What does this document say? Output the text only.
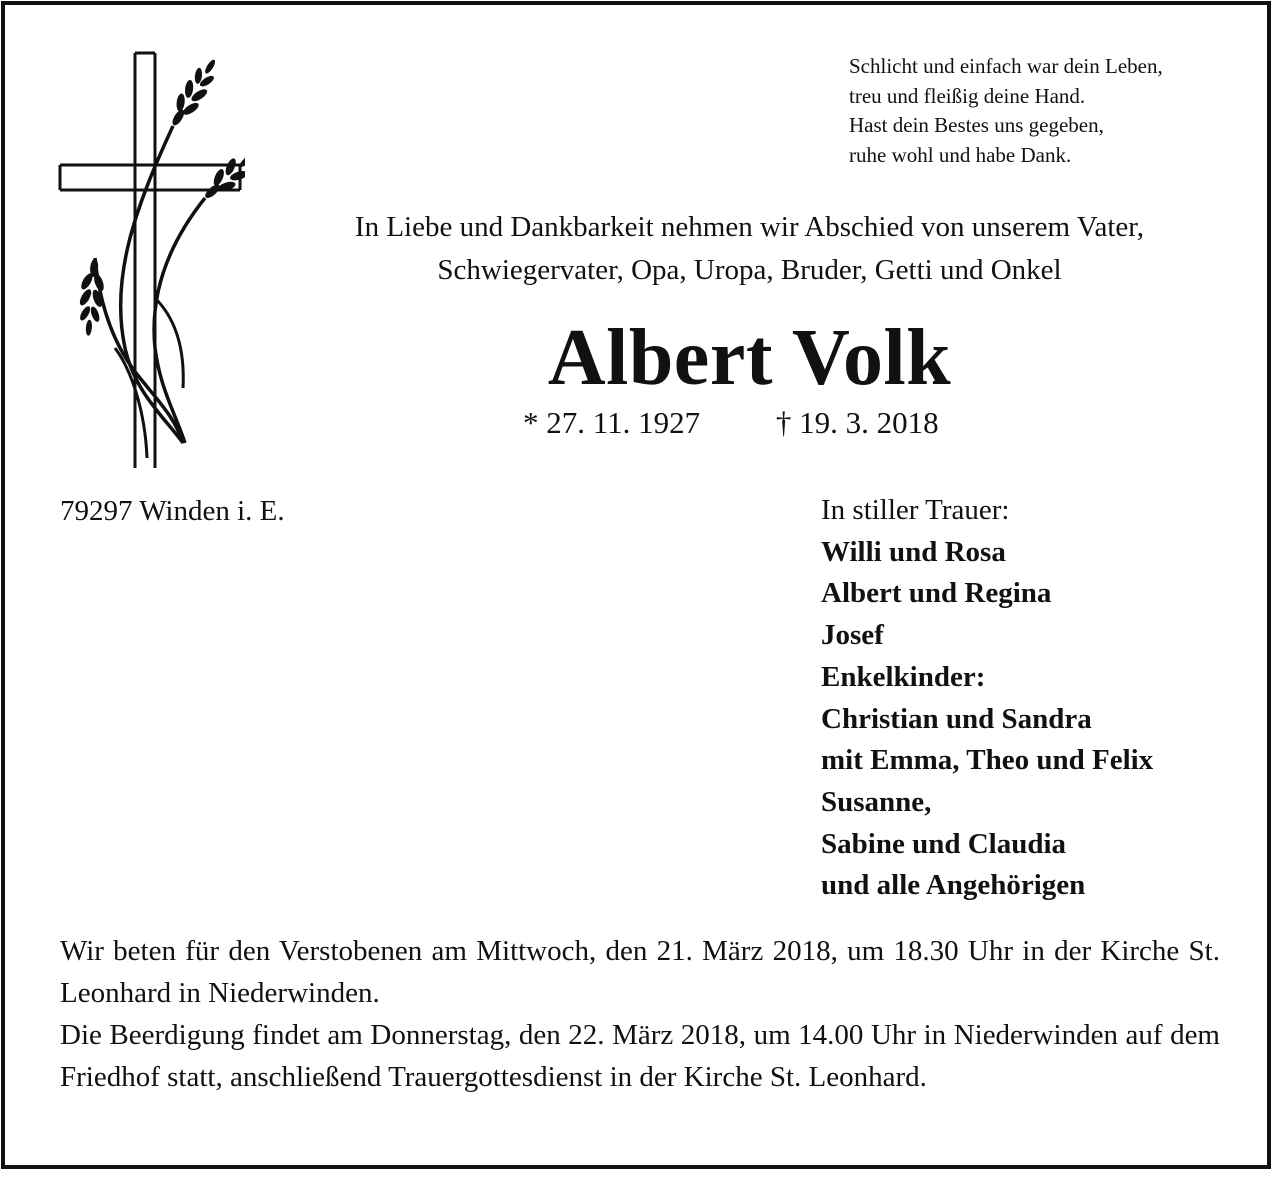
Schlicht und einfach war dein Leben,
treu und fleißig deine Hand.
Hast dein Bestes uns gegeben,
ruhe wohl und habe Dank.
In Liebe und Dankbarkeit nehmen wir Abschied von unserem Vater,
Schwiegervater, Opa, Uropa, Bruder, Getti und Onkel
Albert Volk
* 27. 11. 1927 † 19. 3. 2018
79297 Winden i. E.	In stiller Trauer:
Willi und Rosa
Albert und Regina
Josef
Enkelkinder:
Christian und Sandra
mit Emma, Theo und Felix
Susanne,
Sabine und Claudia
und alle Angehörigen

Wir beten für den Verstobenen am Mittwoch, den 21. März 2018, um 18.30 Uhr in der Kirche St. Leonhard in Niederwinden.

Die Beerdigung findet am Donnerstag, den 22. März 2018, um 14.00 Uhr in Niederwinden auf dem Friedhof statt, anschließend Trauergottesdienst in der Kirche St. Leonhard.
